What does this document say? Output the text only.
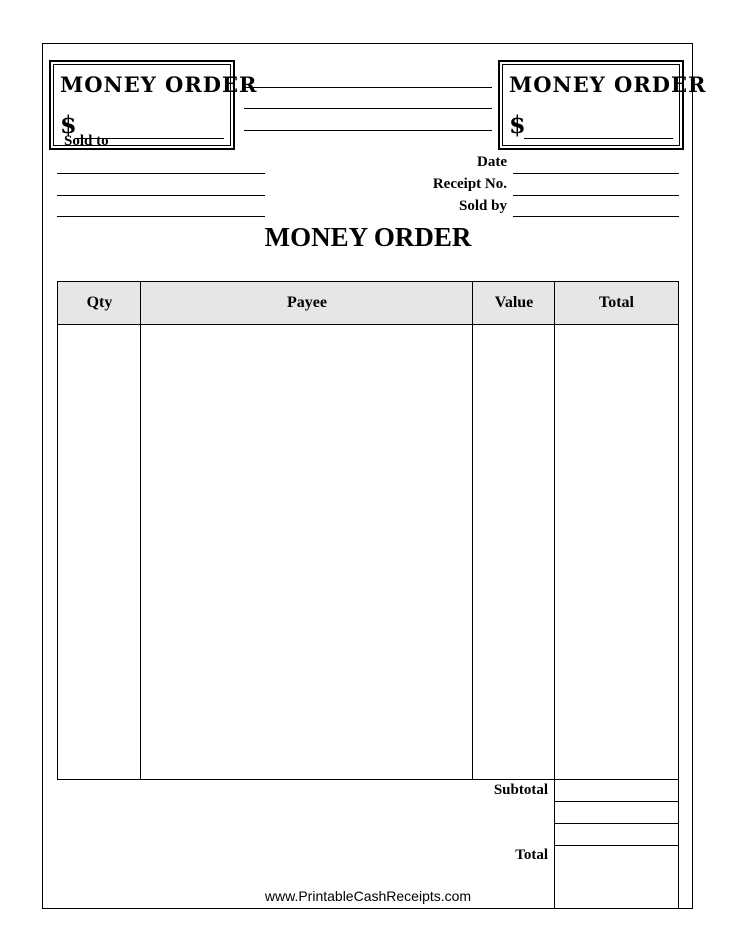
MONEY ORDER
$
MONEY ORDER
$
Sold to
Date
Receipt No.
Sold by
MONEY ORDER
Qty	Payee	Value	Total
Subtotal
Total
www.PrintableCashReceipts.com
